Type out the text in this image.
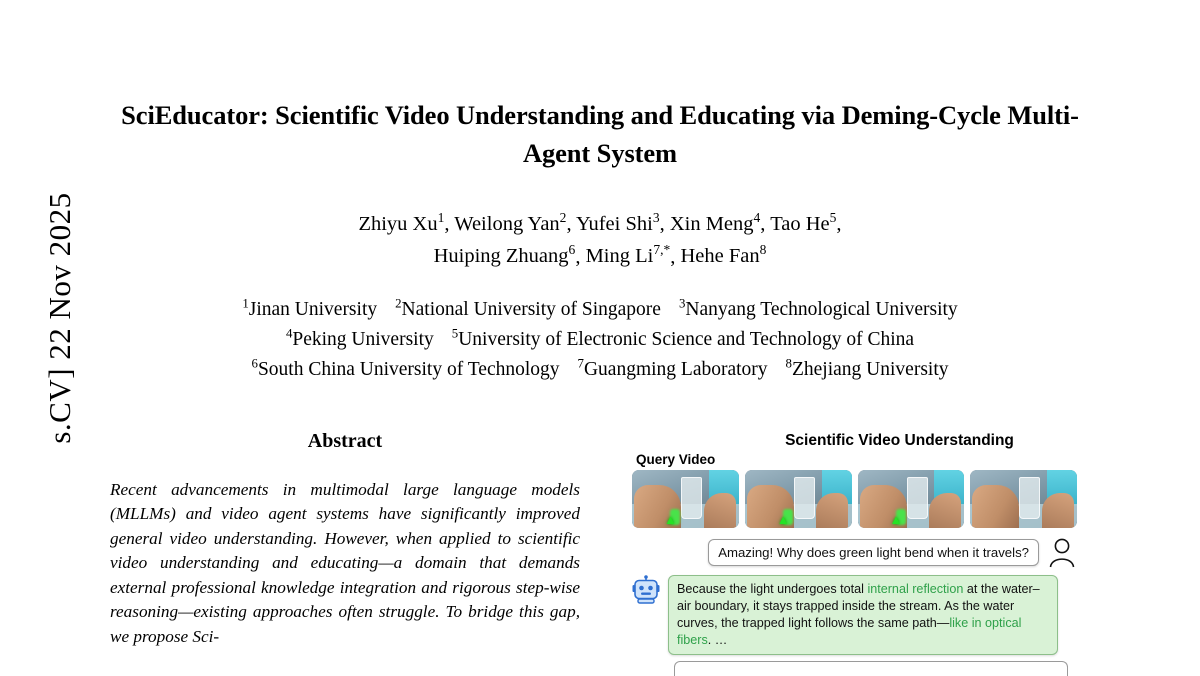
s.CV] 22 Nov 2025
SciEducator: Scientific Video Understanding and Educating via Deming-Cycle Multi-Agent System
Zhiyu Xu$^1$, Weilong Yan$^2$, Yufei Shi$^3$, Xin Meng$^4$, Tao He$^5$,
Huiping Zhuang$^6$, Ming $Li^{7,*}$, Hehe Fan$^8$
$^1$Jinan University $^2$National University of Singapore $^3$Nanyang Technological University
$^4$Peking University $^5$University of Electronic Science and Technology of China
$^6$South China University of Technology $^7$Guangming Laboratory $^8$Zhejiang University
Abstract
Recent advancements in multimodal large language models (MLLMs) and video agent systems have significantly improved general video understanding. However, when applied to scientific video understanding and educating—a domain that demands external professional knowledge integration and rigorous step-wise reasoning—existing approaches often struggle. To bridge this gap, we propose Sci-
Scientific Video Understanding
Query Video
▲	▲	▲
Amazing! Why does green light bend when it travels?
Because the light undergoes total internal reflection at the water–air boundary, it stays trapped inside the stream. As the water curves, the trapped light follows the same path—like in optical fibers. …
